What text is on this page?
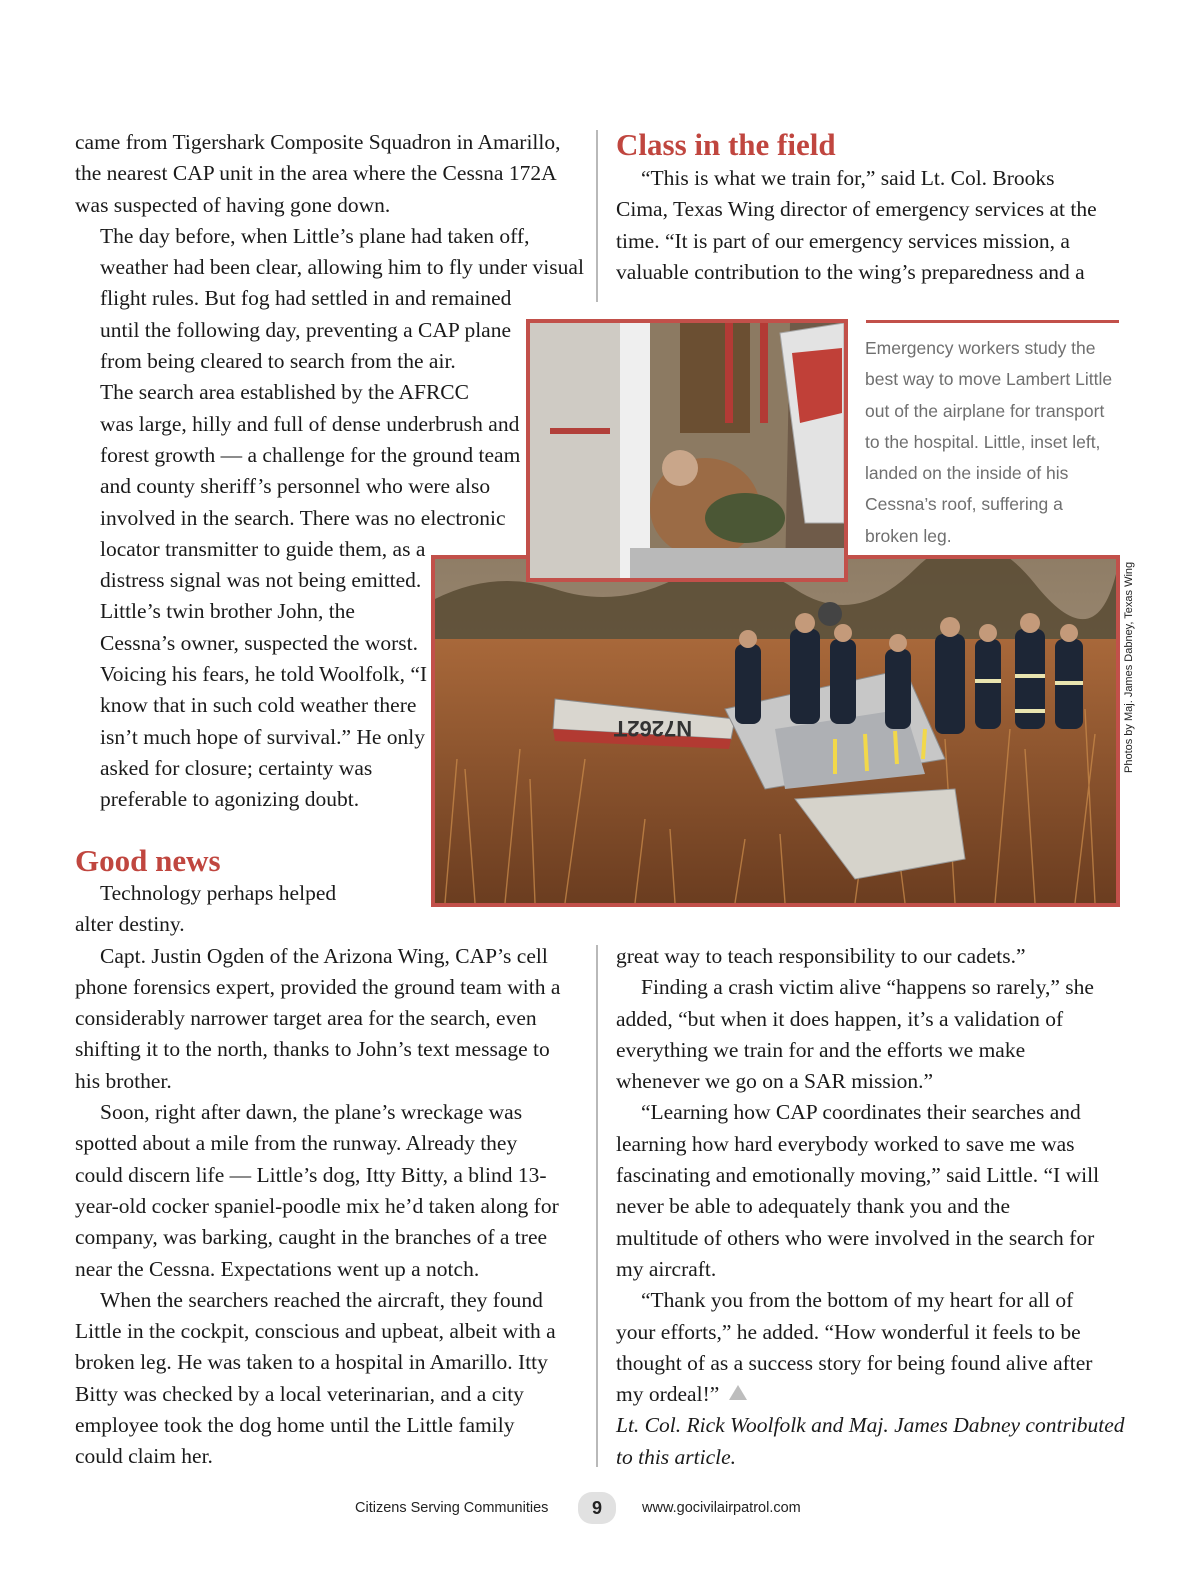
came from Tigershark Composite Squadron in Amarillo,
the nearest CAP unit in the area where the Cessna 172A
was suspected of having gone down.

The day before, when Little’s plane had taken off,
weather had been clear, allowing him to fly under visual
flight rules. But fog had settled in and remained
until the following day, preventing a CAP plane
from being cleared to search from the air.

The search area established by the AFRCC
was large, hilly and full of dense underbrush and
forest growth — a challenge for the ground team
and county sheriff’s personnel who were also
involved in the search. There was no electronic
locator transmitter to guide them, as a
distress signal was not being emitted.

Little’s twin brother John, the
Cessna’s owner, suspected the worst.
Voicing his fears, he told Woolfolk, “I
know that in such cold weather there
isn’t much hope of survival.” He only
asked for closure; certainty was
preferable to agonizing doubt.

Good news

Technology perhaps helped
alter destiny.

Capt. Justin Ogden of the Arizona Wing, CAP’s cell
phone forensics expert, provided the ground team with a
considerably narrower target area for the search, even
shifting it to the north, thanks to John’s text message to
his brother.

Soon, right after dawn, the plane’s wreckage was
spotted about a mile from the runway. Already they
could discern life — Little’s dog, Itty Bitty, a blind 13-
year-old cocker spaniel-poodle mix he’d taken along for
company, was barking, caught in the branches of a tree
near the Cessna. Expectations went up a notch.

When the searchers reached the aircraft, they found
Little in the cockpit, conscious and upbeat, albeit with a
broken leg. He was taken to a hospital in Amarillo. Itty
Bitty was checked by a local veterinarian, and a city
employee took the dog home until the Little family
could claim her.

Class in the field

“This is what we train for,” said Lt. Col. Brooks
Cima, Texas Wing director of emergency services at the
time. “It is part of our emergency services mission, a
valuable contribution to the wing’s preparedness and a

Emergency workers study the
best way to move Lambert Little
out of the airplane for transport
to the hospital. Little, inset left,
landed on the inside of his
Cessna’s roof, suffering a
broken leg.
N7262T	Photos by Maj. James Dabney, Texas Wing

great way to teach responsibility to our cadets.”

Finding a crash victim alive “happens so rarely,” she
added, “but when it does happen, it’s a validation of
everything we train for and the efforts we make
whenever we go on a SAR mission.”

“Learning how CAP coordinates their searches and
learning how hard everybody worked to save me was
fascinating and emotionally moving,” said Little. “I will
never be able to adequately thank you and the
multitude of others who were involved in the search for
my aircraft.

“Thank you from the bottom of my heart for all of
your efforts,” he added. “How wonderful it feels to be
thought of as a success story for being found alive after
my ordeal!”

Lt. Col. Rick Woolfolk and Maj. James Dabney contributed
to this article.

Citizens Serving Communities	9	www.gocivilairpatrol.com
